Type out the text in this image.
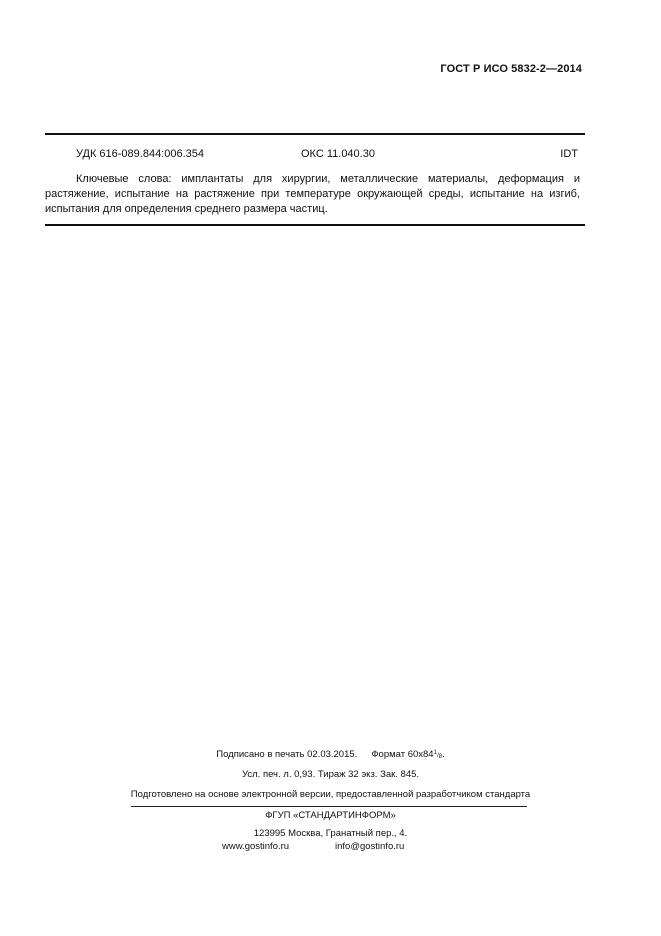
ГОСТ Р ИСО 5832-2—2014
УДК 616-089.844:006.354	ОКС 11.040.30	IDT

Ключевые слова: имплантаты для хирургии, металлические материалы, деформация и растяжение, испытание на растяжение при температуре окружающей среды, испытание на изгиб, испытания для определения среднего размера частиц.

Подписано в печать 02.03.2015. Формат $60x84^1/_8$.
Усл. печ. л. 0,93. Тираж 32 экз. Зак. 845.
Подготовлено на основе электронной версии, предоставленной разработчиком стандарта
ФГУП «СТАНДАРТИНФОРМ»
123995 Москва, Гранатный пер., 4.
www.gostinfo.ru	info@gostinfo.ru
